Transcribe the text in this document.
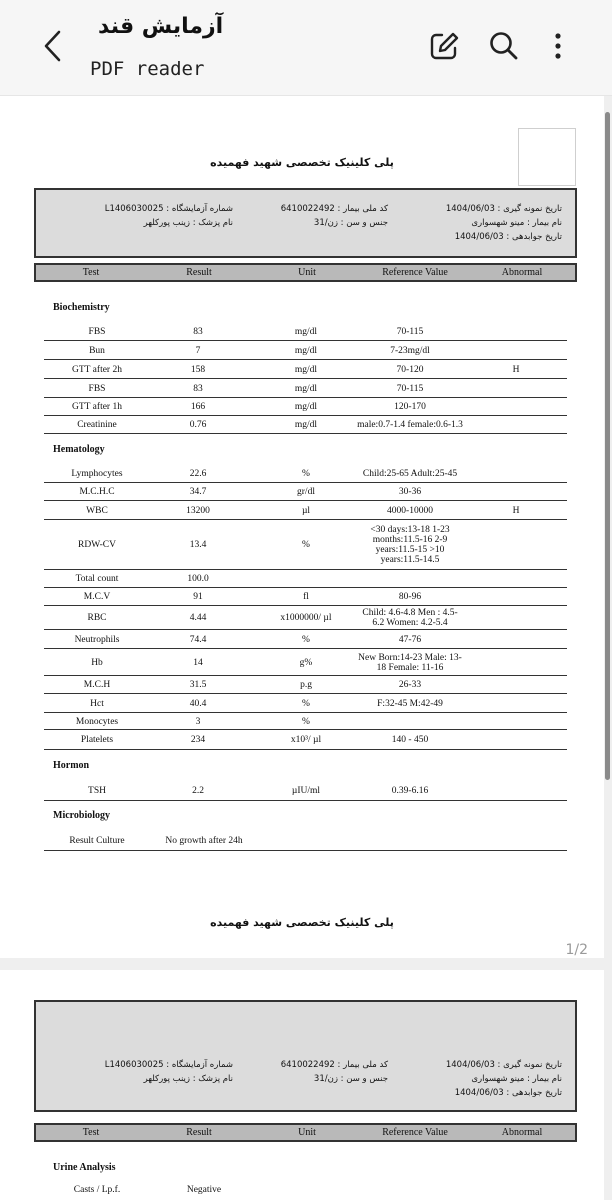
آزمایش قند
PDF reader
پلی کلینیک تخصصی شهید فهمیده
شماره آزمایشگاه : L1406030025
نام پزشک : زینب پورکلهر
کد ملی بیمار : 6410022492
جنس و سن : زن/31
تاریخ نمونه گیری : 1404/06/03
نام بیمار : مینو شهسواری
تاریخ جوابدهی : 1404/06/03
Test	Result	Unit	Reference Value	Abnormal
Biochemistry
FBS	83	mg/dl	70-115
Bun	7	mg/dl	7-23mg/dl
GTT after 2h	158	mg/dl	70-120	H
FBS	83	mg/dl	70-115
GTT after 1h	166	mg/dl	120-170
Creatinine	0.76	mg/dl	male:0.7-1.4 female:0.6-1.3
Hematology
Lymphocytes	22.6	%	Child:25-65 Adult:25-45
M.C.H.C	34.7	gr/dl	30-36
WBC	13200	µl	4000-10000	H
RDW-CV	13.4	%
<30 days:13-18 1-23
months:11.5-16 2-9
years:11.5-15 >10
years:11.5-14.5
Total count	100.0
M.C.V	91	fl	80-96
RBC	4.44	x1000000/ µl	Child: 4.6-4.8 Men : 4.5-
6.2 Women: 4.2-5.4
Neutrophils	74.4	%	47-76
Hb	14	g%	New Born:14-23 Male: 13-
18 Female: 11-16
M.C.H	31.5	p.g	26-33
Hct	40.4	%	F:32-45 M:42-49
Monocytes	3	%
Platelets	234	x10³/ µl	140 - 450
Hormon
TSH	2.2	µIU/ml	0.39-6.16
Microbiology
Result Culture	No growth after 24h
پلی کلینیک تخصصی شهید فهمیده
1/2
شماره آزمایشگاه : L1406030025
نام پزشک : زینب پورکلهر
کد ملی بیمار : 6410022492
جنس و سن : زن/31
تاریخ نمونه گیری : 1404/06/03
نام بیمار : مینو شهسواری
تاریخ جوابدهی : 1404/06/03
Test	Result	Unit	Reference Value	Abnormal
Urine Analysis
Casts / Lp.f.	Negative
